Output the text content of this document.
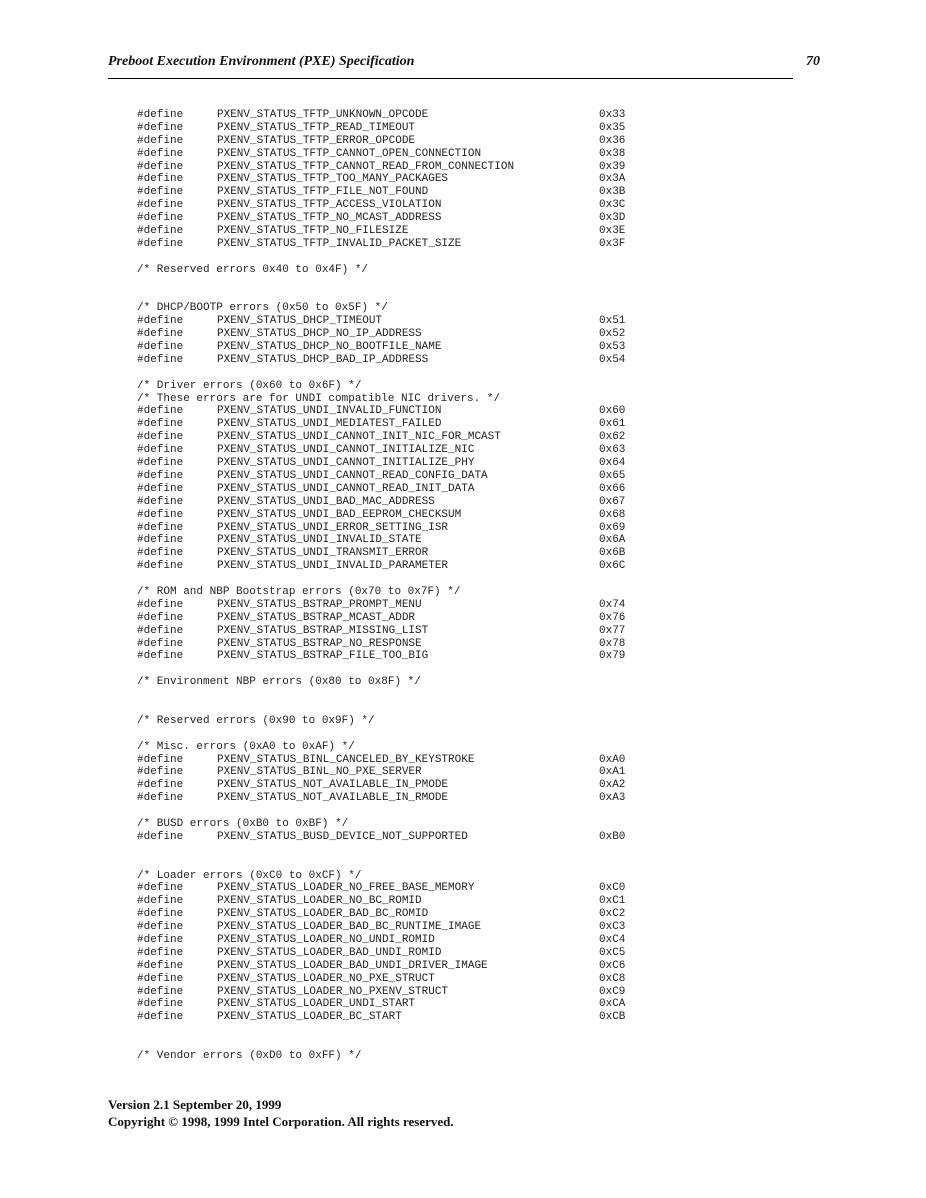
Preboot Execution Environment (PXE) Specification	70
#define	PXENV_STATUS_TFTP_UNKNOWN_OPCODE	0x33
#define	PXENV_STATUS_TFTP_READ_TIMEOUT	0x35
#define	PXENV_STATUS_TFTP_ERROR_OPCODE	0x36
#define	PXENV_STATUS_TFTP_CANNOT_OPEN_CONNECTION	0x38
#define	PXENV_STATUS_TFTP_CANNOT_READ_FROM_CONNECTION	0x39
#define	PXENV_STATUS_TFTP_TOO_MANY_PACKAGES	0x3A
#define	PXENV_STATUS_TFTP_FILE_NOT_FOUND	0x3B
#define	PXENV_STATUS_TFTP_ACCESS_VIOLATION	0x3C
#define	PXENV_STATUS_TFTP_NO_MCAST_ADDRESS	0x3D
#define	PXENV_STATUS_TFTP_NO_FILESIZE	0x3E
#define	PXENV_STATUS_TFTP_INVALID_PACKET_SIZE	0x3F
/* Reserved errors 0x40 to 0x4F) */
/* DHCP/BOOTP errors (0x50 to 0x5F) */
#define	PXENV_STATUS_DHCP_TIMEOUT	0x51
#define	PXENV_STATUS_DHCP_NO_IP_ADDRESS	0x52
#define	PXENV_STATUS_DHCP_NO_BOOTFILE_NAME	0x53
#define	PXENV_STATUS_DHCP_BAD_IP_ADDRESS	0x54
/* Driver errors (0x60 to 0x6F) */
/* These errors are for UNDI compatible NIC drivers. */
#define	PXENV_STATUS_UNDI_INVALID_FUNCTION	0x60
#define	PXENV_STATUS_UNDI_MEDIATEST_FAILED	0x61
#define	PXENV_STATUS_UNDI_CANNOT_INIT_NIC_FOR_MCAST	0x62
#define	PXENV_STATUS_UNDI_CANNOT_INITIALIZE_NIC	0x63
#define	PXENV_STATUS_UNDI_CANNOT_INITIALIZE_PHY	0x64
#define	PXENV_STATUS_UNDI_CANNOT_READ_CONFIG_DATA	0x65
#define	PXENV_STATUS_UNDI_CANNOT_READ_INIT_DATA	0x66
#define	PXENV_STATUS_UNDI_BAD_MAC_ADDRESS	0x67
#define	PXENV_STATUS_UNDI_BAD_EEPROM_CHECKSUM	0x68
#define	PXENV_STATUS_UNDI_ERROR_SETTING_ISR	0x69
#define	PXENV_STATUS_UNDI_INVALID_STATE	0x6A
#define	PXENV_STATUS_UNDI_TRANSMIT_ERROR	0x6B
#define	PXENV_STATUS_UNDI_INVALID_PARAMETER	0x6C
/* ROM and NBP Bootstrap errors (0x70 to 0x7F) */
#define	PXENV_STATUS_BSTRAP_PROMPT_MENU	0x74
#define	PXENV_STATUS_BSTRAP_MCAST_ADDR	0x76
#define	PXENV_STATUS_BSTRAP_MISSING_LIST	0x77
#define	PXENV_STATUS_BSTRAP_NO_RESPONSE	0x78
#define	PXENV_STATUS_BSTRAP_FILE_TOO_BIG	0x79
/* Environment NBP errors (0x80 to 0x8F) */
/* Reserved errors (0x90 to 0x9F) */
/* Misc. errors (0xA0 to 0xAF) */
#define	PXENV_STATUS_BINL_CANCELED_BY_KEYSTROKE	0xA0
#define	PXENV_STATUS_BINL_NO_PXE_SERVER	0xA1
#define	PXENV_STATUS_NOT_AVAILABLE_IN_PMODE	0xA2
#define	PXENV_STATUS_NOT_AVAILABLE_IN_RMODE	0xA3
/* BUSD errors (0xB0 to 0xBF) */
#define	PXENV_STATUS_BUSD_DEVICE_NOT_SUPPORTED	0xB0
/* Loader errors (0xC0 to 0xCF) */
#define	PXENV_STATUS_LOADER_NO_FREE_BASE_MEMORY	0xC0
#define	PXENV_STATUS_LOADER_NO_BC_ROMID	0xC1
#define	PXENV_STATUS_LOADER_BAD_BC_ROMID	0xC2
#define	PXENV_STATUS_LOADER_BAD_BC_RUNTIME_IMAGE	0xC3
#define	PXENV_STATUS_LOADER_NO_UNDI_ROMID	0xC4
#define	PXENV_STATUS_LOADER_BAD_UNDI_ROMID	0xC5
#define	PXENV_STATUS_LOADER_BAD_UNDI_DRIVER_IMAGE	0xC6
#define	PXENV_STATUS_LOADER_NO_PXE_STRUCT	0xC8
#define	PXENV_STATUS_LOADER_NO_PXENV_STRUCT	0xC9
#define	PXENV_STATUS_LOADER_UNDI_START	0xCA
#define	PXENV_STATUS_LOADER_BC_START	0xCB
/* Vendor errors (0xD0 to 0xFF) */
Version 2.1 September 20, 1999
Copyright © 1998, 1999 Intel Corporation. All rights reserved.
